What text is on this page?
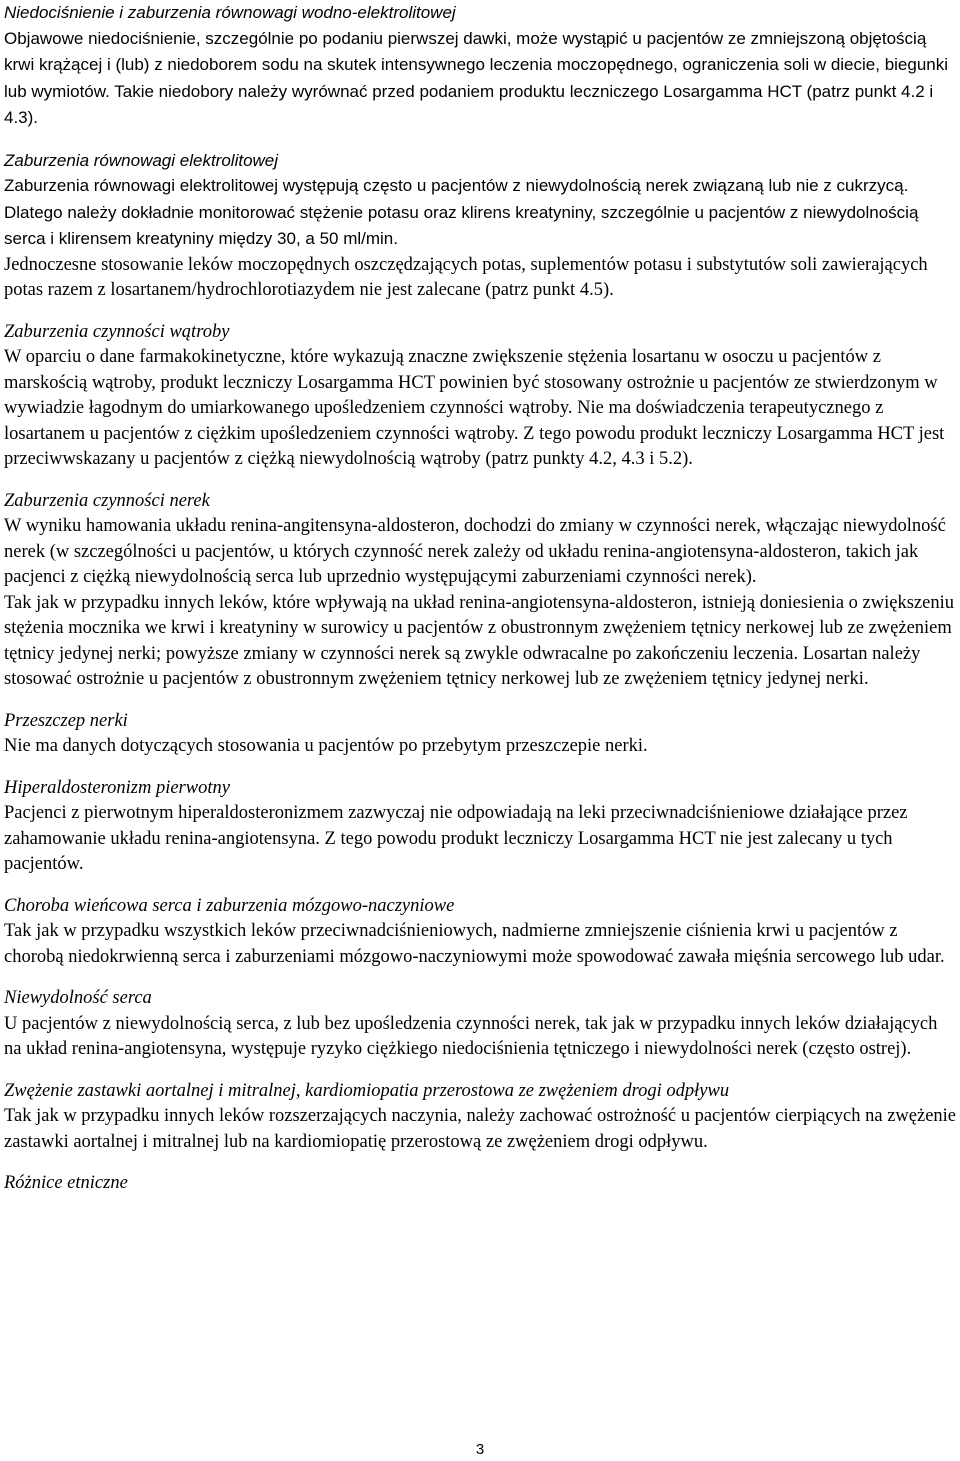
Niedociśnienie i zaburzenia równowagi wodno-elektrolitowej

Objawowe niedociśnienie, szczególnie po podaniu pierwszej dawki, może wystąpić u pacjentów ze zmniejszoną objętością krwi krążącej i (lub) z niedoborem sodu na skutek intensywnego leczenia moczopędnego, ograniczenia soli w diecie, biegunki lub wymiotów. Takie niedobory należy wyrównać przed podaniem produktu leczniczego Losargamma HCT (patrz punkt 4.2 i 4.3).

Zaburzenia równowagi elektrolitowej

Zaburzenia równowagi elektrolitowej występują często u pacjentów z niewydolnością nerek związaną lub nie z cukrzycą. Dlatego należy dokładnie monitorować stężenie potasu oraz klirens kreatyniny, szczególnie u pacjentów z niewydolnością serca i klirensem kreatyniny między 30, a 50 ml/min.

Jednoczesne stosowanie leków moczopędnych oszczędzających potas, suplementów potasu i substytutów soli zawierających potas razem z losartanem/hydrochlorotiazydem nie jest zalecane (patrz punkt 4.5).

Zaburzenia czynności wątroby

W oparciu o dane farmakokinetyczne, które wykazują znaczne zwiększenie stężenia losartanu w osoczu u pacjentów z marskością wątroby, produkt leczniczy Losargamma HCT powinien być stosowany ostrożnie u pacjentów ze stwierdzonym w wywiadzie łagodnym do umiarkowanego upośledzeniem czynności wątroby. Nie ma doświadczenia terapeutycznego z losartanem u pacjentów z ciężkim upośledzeniem czynności wątroby. Z tego powodu produkt leczniczy Losargamma HCT jest przeciwwskazany u pacjentów z ciężką niewydolnością wątroby (patrz punkty 4.2, 4.3 i 5.2).

Zaburzenia czynności nerek

W wyniku hamowania układu renina-angitensyna-aldosteron, dochodzi do zmiany w czynności nerek, włączając niewydolność nerek (w szczególności u pacjentów, u których czynność nerek zależy od układu renina-angiotensyna-aldosteron, takich jak pacjenci z ciężką niewydolnością serca lub uprzednio występującymi zaburzeniami czynności nerek).

Tak jak w przypadku innych leków, które wpływają na układ renina-angiotensyna-aldosteron, istnieją doniesienia o zwiększeniu stężenia mocznika we krwi i kreatyniny w surowicy u pacjentów z obustronnym zwężeniem tętnicy nerkowej lub ze zwężeniem tętnicy jedynej nerki; powyższe zmiany w czynności nerek są zwykle odwracalne po zakończeniu leczenia. Losartan należy stosować ostrożnie u pacjentów z obustronnym zwężeniem tętnicy nerkowej lub ze zwężeniem tętnicy jedynej nerki.

Przeszczep nerki

Nie ma danych dotyczących stosowania u pacjentów po przebytym przeszczepie nerki.

Hiperaldosteronizm pierwotny

Pacjenci z pierwotnym hiperaldosteronizmem zazwyczaj nie odpowiadają na leki przeciwnadciśnieniowe działające przez zahamowanie układu renina-angiotensyna. Z tego powodu produkt leczniczy Losargamma HCT nie jest zalecany u tych pacjentów.

Choroba wieńcowa serca i zaburzenia mózgowo-naczyniowe

Tak jak w przypadku wszystkich leków przeciwnadciśnieniowych, nadmierne zmniejszenie ciśnienia krwi u pacjentów z chorobą niedokrwienną serca i zaburzeniami mózgowo-naczyniowymi może spowodować zawała mięśnia sercowego lub udar.

Niewydolność serca

U pacjentów z niewydolnością serca, z lub bez upośledzenia czynności nerek, tak jak w przypadku innych leków działających na układ renina-angiotensyna, występuje ryzyko ciężkiego niedociśnienia tętniczego i niewydolności nerek (często ostrej).

Zwężenie zastawki aortalnej i mitralnej, kardiomiopatia przerostowa ze zwężeniem drogi odpływu

Tak jak w przypadku innych leków rozszerzających naczynia, należy zachować ostrożność u pacjentów cierpiących na zwężenie zastawki aortalnej i mitralnej lub na kardiomiopatię przerostową ze zwężeniem drogi odpływu.

Różnice etniczne

3
